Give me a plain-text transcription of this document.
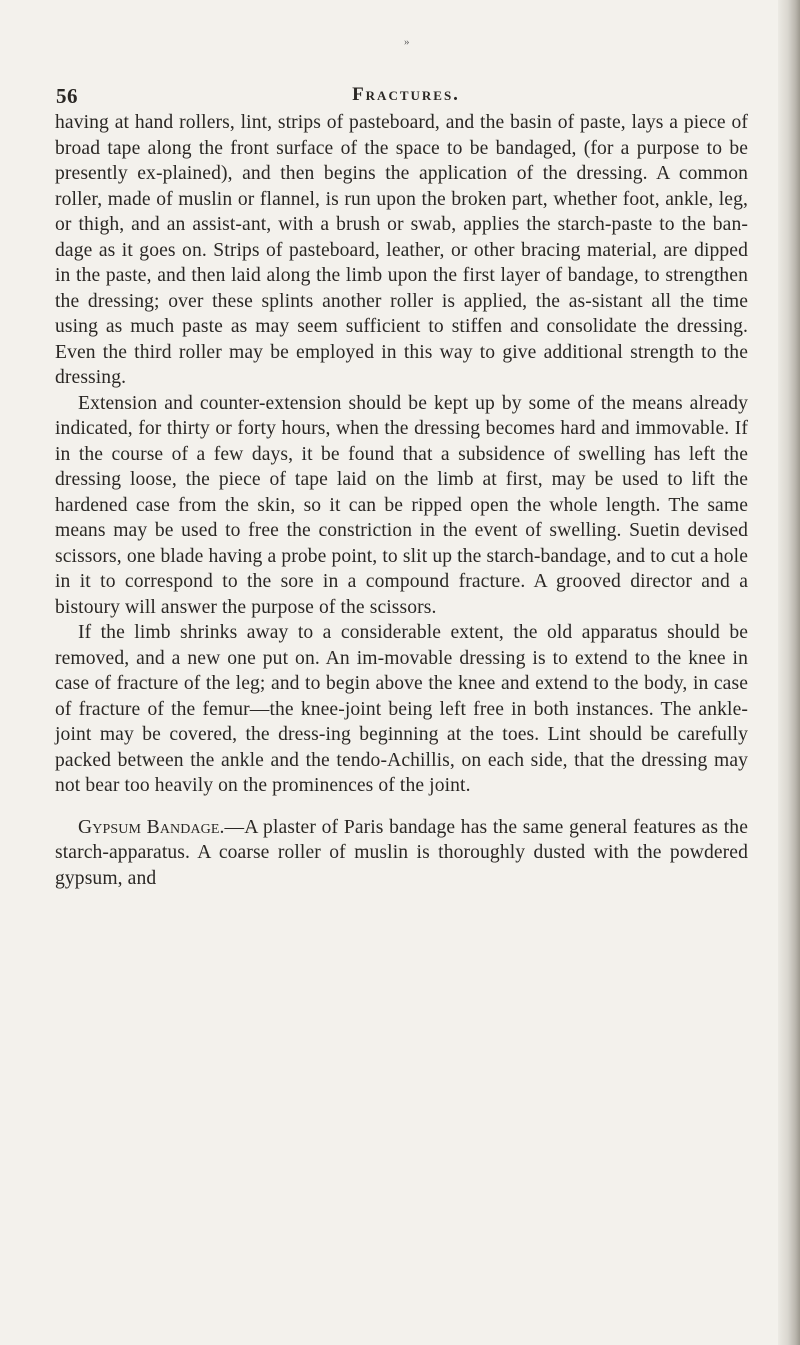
»
56	Fractures.

having at hand rollers, lint, strips of pasteboard, and the basin of paste, lays a piece of broad tape along the front surface of the space to be bandaged, (for a purpose to be presently ex-plained), and then begins the application of the dressing. A common roller, made of muslin or flannel, is run upon the broken part, whether foot, ankle, leg, or thigh, and an assist-ant, with a brush or swab, applies the starch-paste to the ban-dage as it goes on. Strips of pasteboard, leather, or other bracing material, are dipped in the paste, and then laid along the limb upon the first layer of bandage, to strengthen the dressing; over these splints another roller is applied, the as-sistant all the time using as much paste as may seem sufficient to stiffen and consolidate the dressing. Even the third roller may be employed in this way to give additional strength to the dressing.

Extension and counter-extension should be kept up by some of the means already indicated, for thirty or forty hours, when the dressing becomes hard and immovable. If in the course of a few days, it be found that a subsidence of swelling has left the dressing loose, the piece of tape laid on the limb at first, may be used to lift the hardened case from the skin, so it can be ripped open the whole length. The same means may be used to free the constriction in the event of swelling. Suetin devised scissors, one blade having a probe point, to slit up the starch-bandage, and to cut a hole in it to correspond to the sore in a compound fracture. A grooved director and a bistoury will answer the purpose of the scissors.

If the limb shrinks away to a considerable extent, the old apparatus should be removed, and a new one put on. An im-movable dressing is to extend to the knee in case of fracture of the leg; and to begin above the knee and extend to the body, in case of fracture of the femur—the knee-joint being left free in both instances. The ankle-joint may be covered, the dress-ing beginning at the toes. Lint should be carefully packed between the ankle and the tendo-Achillis, on each side, that the dressing may not bear too heavily on the prominences of the joint.

Gypsum Bandage.—A plaster of Paris bandage has the same general features as the starch-apparatus. A coarse roller of muslin is thoroughly dusted with the powdered gypsum, and
